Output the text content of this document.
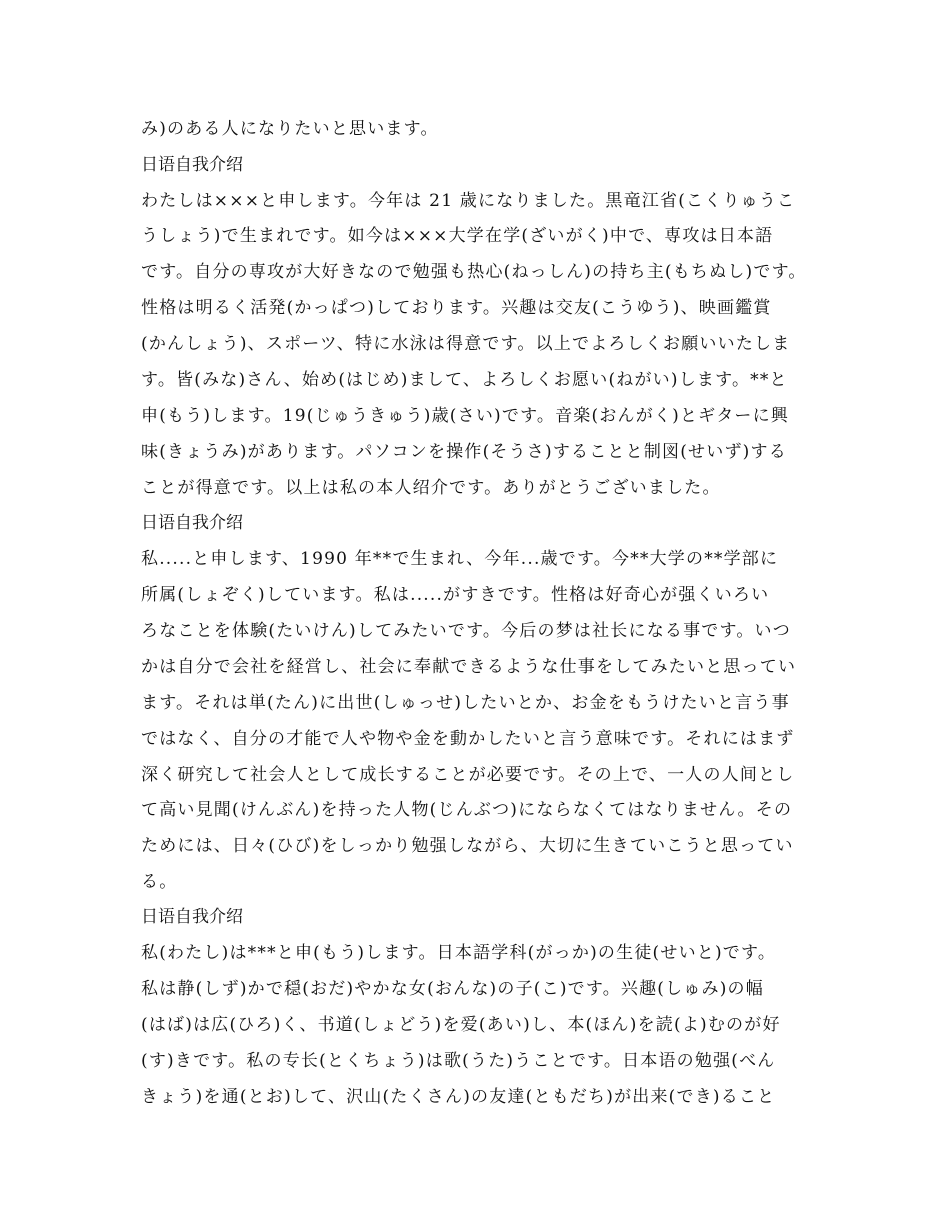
み)のある人になりたいと思います。
日语自我介绍
わたしは×××と申します。今年は 21 歳になりました。黒竜江省(こくりゅうこ
うしょう)で生まれです。如今は×××大学在学(ざいがく)中で、専攻は日本語
です。自分の専攻が大好きなので勉强も热心(ねっしん)の持ち主(もちぬし)です。
性格は明るく活発(かっぱつ)しております。兴趣は交友(こうゆう)、映画鑑賞
(かんしょう)、スポーツ、特に水泳は得意です。以上でよろしくお願いいたしま
す。皆(みな)さん、始め(はじめ)まして、よろしくお愿い(ねがい)します。**と
申(もう)します。19(じゅうきゅう)歳(さい)です。音楽(おんがく)とギターに興
味(きょうみ)があります。パソコンを操作(そうさ)することと制図(せいず)する
ことが得意です。以上は私の本人绍介です。ありがとうございました。
日语自我介绍
私.....と申します、1990 年**で生まれ、今年...歳です。今**大学の**学部に
所属(しょぞく)しています。私は.....がすきです。性格は好奇心が强くいろい
ろなことを体験(たいけん)してみたいです。今后の梦は社长になる事です。いつ
かは自分で会社を経営し、社会に奉献できるような仕事をしてみたいと思ってい
ます。それは単(たん)に出世(しゅっせ)したいとか、お金をもうけたいと言う事
ではなく、自分の才能で人や物や金を動かしたいと言う意味です。それにはまず
深く研究して社会人として成长することが必要です。その上で、一人の人间とし
て高い見聞(けんぶん)を持った人物(じんぶつ)にならなくてはなりません。その
ためには、日々(ひび)をしっかり勉强しながら、大切に生きていこうと思ってい
る。
日语自我介绍
私(わたし)は***と申(もう)します。日本語学科(がっか)の生徒(せいと)です。
私は静(しず)かで穏(おだ)やかな女(おんな)の子(こ)です。兴趣(しゅみ)の幅
(はば)は広(ひろ)く、书道(しょどう)を爱(あい)し、本(ほん)を読(よ)むのが好
(す)きです。私の专长(とくちょう)は歌(うた)うことです。日本语の勉强(べん
きょう)を通(とお)して、沢山(たくさん)の友達(ともだち)が出来(でき)ること
